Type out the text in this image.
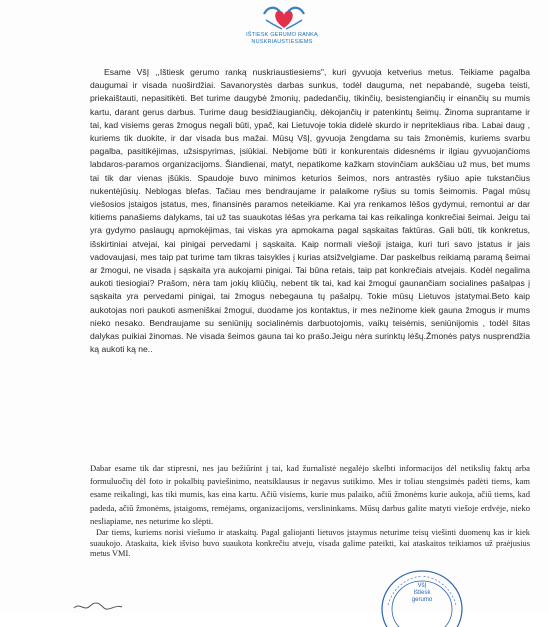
IŠTIESK GERUMO RANKĄ
NUSKRIAUSTIESIEMS

Esame VšĮ ,,Ištiesk gerumo ranką nuskriaustiesiems", kuri gyvuoja ketverius metus. Teikiame pagalba daugumai ir visada nuoširdžiai. Savanorystės darbas sunkus, todėl dauguma, net nepabandė, sugeba teisti, priekaištauti, nepasitikėti. Bet turime daugybė žmonių, padedančių, tikinčių, besistengiančių ir einančių su mumis kartu, darant gerus darbus. Turime daug besidžiaugiančių, dėkojančių ir patenkintų šeimų. Žinoma suprantame ir tai, kad visiems geras žmogus negali būti, ypač, kai Lietuvoje tokia didelė skurdo ir nepritekliaus riba. Labai daug , kuriems tik duokite, ir dar visada bus mažai. Mūsų VšĮ, gyvuoja žengdama su tais žmonėmis, kuriems svarbu pagalba, pasitikėjimas, užsispyrimas, įsiūkiai. Nebijome būti ir konkurentais didesnėms ir ilgiau gyvuojančioms labdaros-paramos organizacijoms. Šiandienai, matyt, nepatikome kažkam stovinčiam aukščiau už mus, bet mums tai tik dar vienas įšūkis. Spaudoje buvo minimos keturios šeimos, nors antrastės ryšiuo apie tukstančius nukentėjūsių. Neblogas blefas. Tačiau mes bendraujame ir palaikome ryšius su tomis šeimomis. Pagal mūsų viešosios įstaigos įstatus, mes, finansinės paramos neteikiame. Kai yra renkamos lėšos gydymui, remontui ar dar kitiems panašiems dalykams, tai už tas suaukotas lėšas yra perkama tai kas reikalinga konkrečiai šeimai. Jeigu tai yra gydymo paslaugų apmokėjimas, tai viskas yra apmokama pagal sąskaitas faktūras. Gali būti, tik konkretus, išskirtiniai atvejai, kai pinigai pervedami į sąskaita. Kaip normali viešoji įstaiga, kuri turi savo įstatus ir jais vadovaujasi, mes taip pat turime tam tikras taisykles į kurias atsižvelgiame. Dar paskelbus reikiamą paramą šeimai ar žmogui, ne visada į sąskaita yra aukojami pinigai. Tai būna retais, taip pat konkrečiais atvejais. Kodėl negalima aukoti tiesiogiai? Prašom, nėra tam jokių kliūčių, nebent tik tai, kad kai žmogui gaunančiam socialines pašalpas į sąskaita yra pervedami pinigai, tai žmogus nebegauna tų pašalpų. Tokie mūsų Lietuvos įstatymai.Beto kaip aukotojas nori paukoti asmeniškai žmogui, duodame jos kontaktus, ir mes nežinome kiek gauna žmogus ir mums nieko nesako. Bendraujame su seniūnijų socialinėmis darbuotojomis, vaikų teisėmis, seniūnijomis , todėl šitas dalykas puikiai žinomas. Ne visada šeimos gauna tai ko prašo.Jeigu nėra surinktų lėšų.Žmonės patys nusprendžia ką aukoti ką ne..

Dabar esame tik dar stipresni, nes jau bežiūrint į tai, kad žurnalistė negalėjo skelbti informacijos dėl netikslių faktų arba formuluočių dėl foto ir pokalbių paviešinimo, neatsiklausus ir negavus sutikimo. Mes ir toliau stengsimės padėti tiems, kam esame reikalingi, kas tiki mumis, kas eina kartu. Ačiū visiems, kurie mus palaiko, ačiū žmonėms kurie aukoja, ačiū tiems, kad padeda, ačiū žmonėms, įstaigoms, remėjams, organizacijoms, verslininkams. Mūsų darbus galite matyti viešoje erdvėje, nieko nesliapiame, nes neturime ko slėpti.

Dar tiems, kuriems norisi viešumo ir ataskaitų. Pagal galiojanti lietuvos įstaymus neturime teisų viešinti duomenų kas ir kiek suaukojo. Ataskaita, kiek išviso buvo suaukota konkrečiu atveju, visada galime pateikti, kai ataskaitos teikiamos už praėjusius metus VMI.

VšĮ
Ištiesk
gerumo
